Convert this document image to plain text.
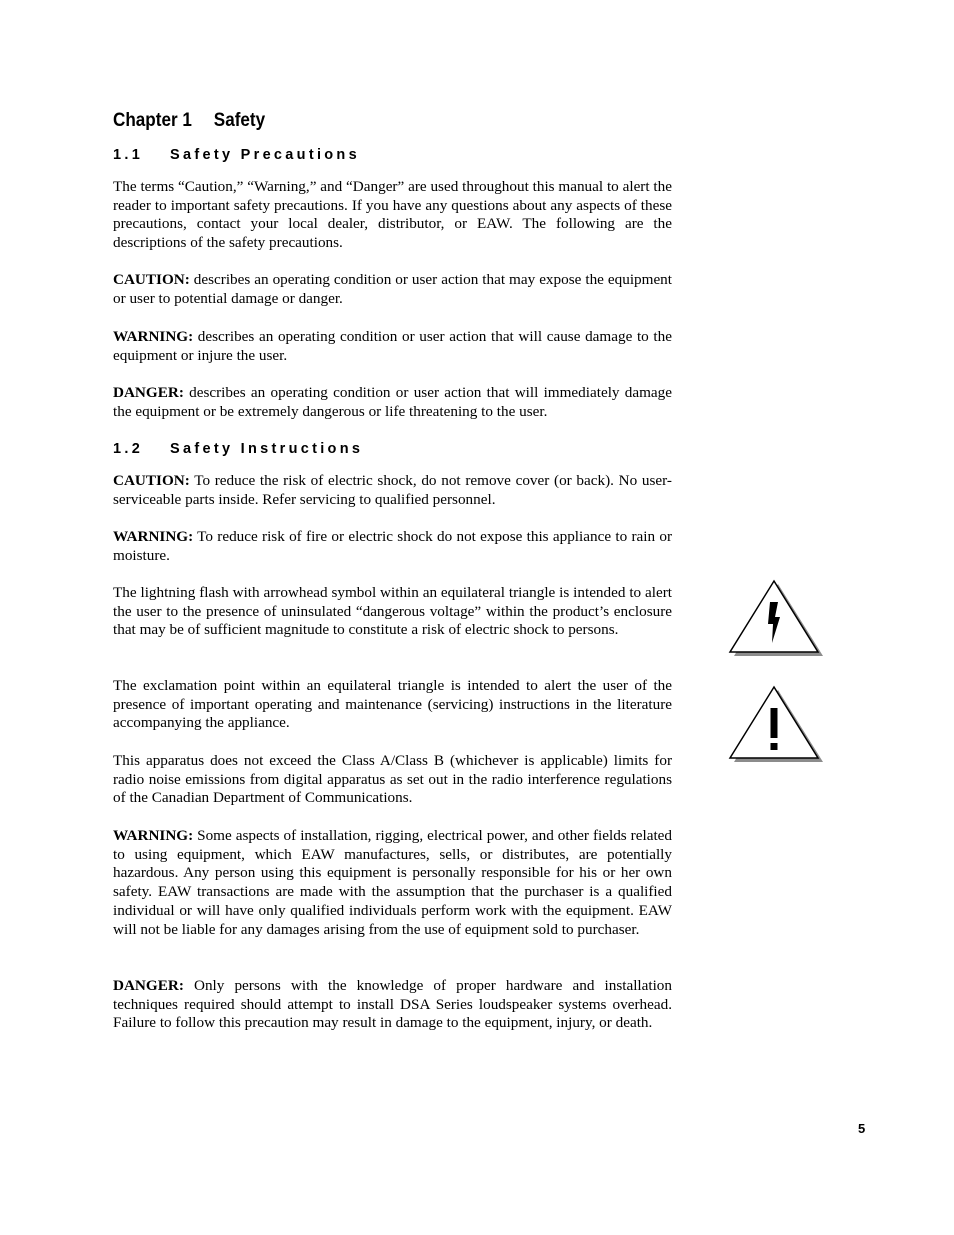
Chapter 1 Safety
1.1 Safety Precautions

The terms “Caution,” “Warning,” and “Danger” are used throughout this manual to alert the reader to important safety precautions. If you have any questions about any aspects of these precautions, contact your local dealer, distributor, or EAW. The following are the descriptions of the safety precautions.

CAUTION: describes an operating condition or user action that may expose the equipment or user to potential damage or danger.

WARNING: describes an operating condition or user action that will cause damage to the equipment or injure the user.

DANGER: describes an operating condition or user action that will immediately damage the equipment or be extremely dangerous or life threatening to the user.

1.2 Safety Instructions

CAUTION: To reduce the risk of electric shock, do not remove cover (or back). No user-serviceable parts inside. Refer servicing to qualified personnel.

WARNING: To reduce risk of fire or electric shock do not expose this appliance to rain or moisture.

The lightning flash with arrowhead symbol within an equilateral triangle is intended to alert the user to the presence of uninsulated “dangerous voltage” within the product’s enclosure that may be of sufficient magnitude to constitute a risk of electric shock to persons.

The exclamation point within an equilateral triangle is intended to alert the user of the presence of important operating and maintenance (servicing) instructions in the literature accompanying the appliance.

This apparatus does not exceed the Class A/Class B (whichever is applicable) limits for radio noise emissions from digital apparatus as set out in the radio interference regulations of the Canadian Department of Communications.

WARNING: Some aspects of installation, rigging, electrical power, and other fields related to using equipment, which EAW manufactures, sells, or distributes, are potentially hazardous. Any person using this equipment is personally responsible for his or her own safety. EAW transactions are made with the assumption that the purchaser is a qualified individual or will have only qualified individuals perform work with the equipment. EAW will not be liable for any damages arising from the use of equipment sold to purchaser.

DANGER: Only persons with the knowledge of proper hardware and installation techniques required should attempt to install DSA Series loudspeaker systems overhead. Failure to follow this precaution may result in damage to the equipment, injury, or death.

5
